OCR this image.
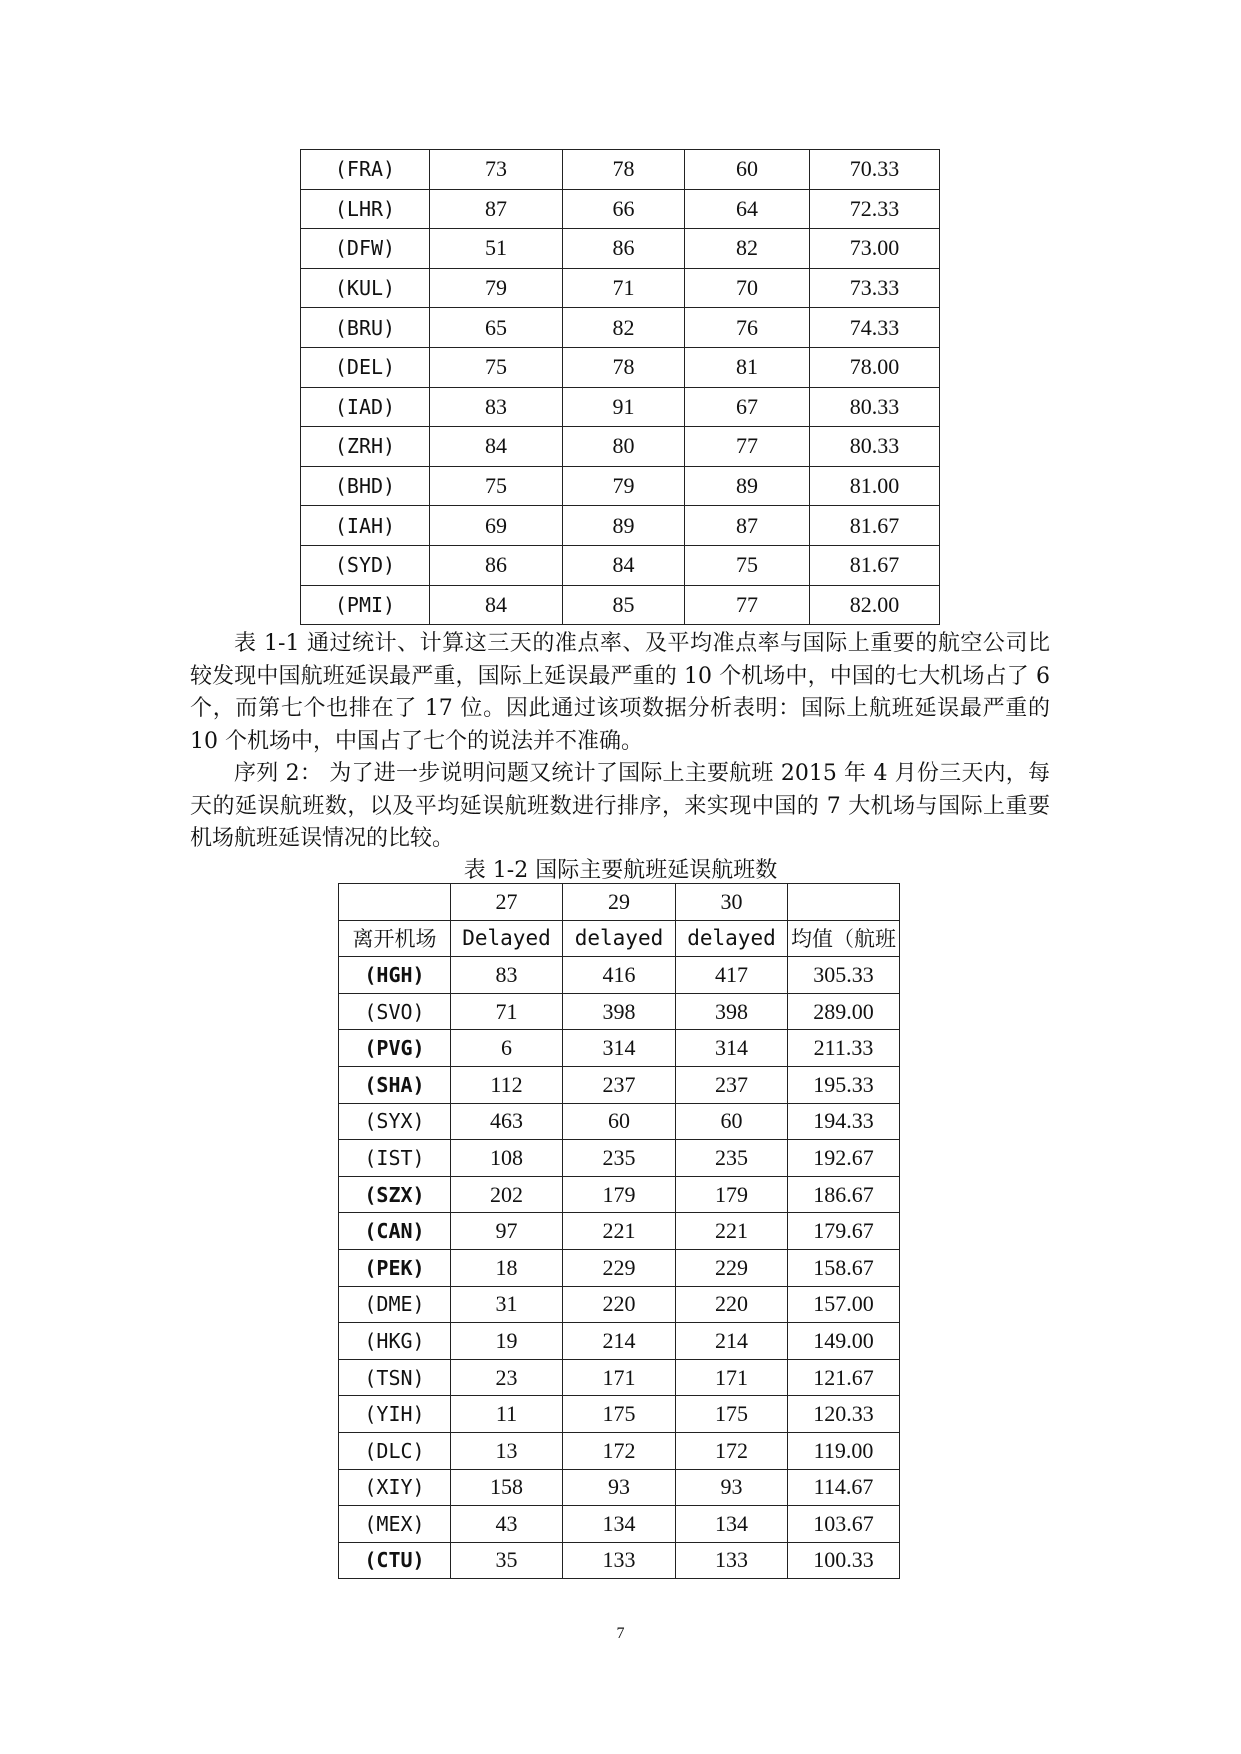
(FRA)	73	78	60	70.33
(LHR)	87	66	64	72.33
(DFW)	51	86	82	73.00
(KUL)	79	71	70	73.33
(BRU)	65	82	76	74.33
(DEL)	75	78	81	78.00
(IAD)	83	91	67	80.33
(ZRH)	84	80	77	80.33
(BHD)	75	79	89	81.00
(IAH)	69	89	87	81.67
(SYD)	86	84	75	81.67
(PMI)	84	85	77	82.00

表 1-1 通过统计、计算这三天的准点率、及平均准点率与国际上重要的航空公司比较发现中国航班延误最严重，国际上延误最严重的 10 个机场中，中国的七大机场占了 6 个，而第七个也排在了 17 位。因此通过该项数据分析表明：国际上航班延误最严重的 10 个机场中，中国占了七个的说法并不准确。

序列 2： 为了进一步说明问题又统计了国际上主要航班 2015 年 4 月份三天内，每天的延误航班数，以及平均延误航班数进行排序，来实现中国的 7 大机场与国际上重要机场航班延误情况的比较。

表 1-2 国际主要航班延误航班数

	27	29	30	
离开机场	Delayed	delayed	delayed	均值（航班
(HGH)	83	416	417	305.33
(SVO)	71	398	398	289.00
(PVG)	6	314	314	211.33
(SHA)	112	237	237	195.33
(SYX)	463	60	60	194.33
(IST)	108	235	235	192.67
(SZX)	202	179	179	186.67
(CAN)	97	221	221	179.67
(PEK)	18	229	229	158.67
(DME)	31	220	220	157.00
(HKG)	19	214	214	149.00
(TSN)	23	171	171	121.67
(YIH)	11	175	175	120.33
(DLC)	13	172	172	119.00
(XIY)	158	93	93	114.67
(MEX)	43	134	134	103.67
(CTU)	35	133	133	100.33
7
